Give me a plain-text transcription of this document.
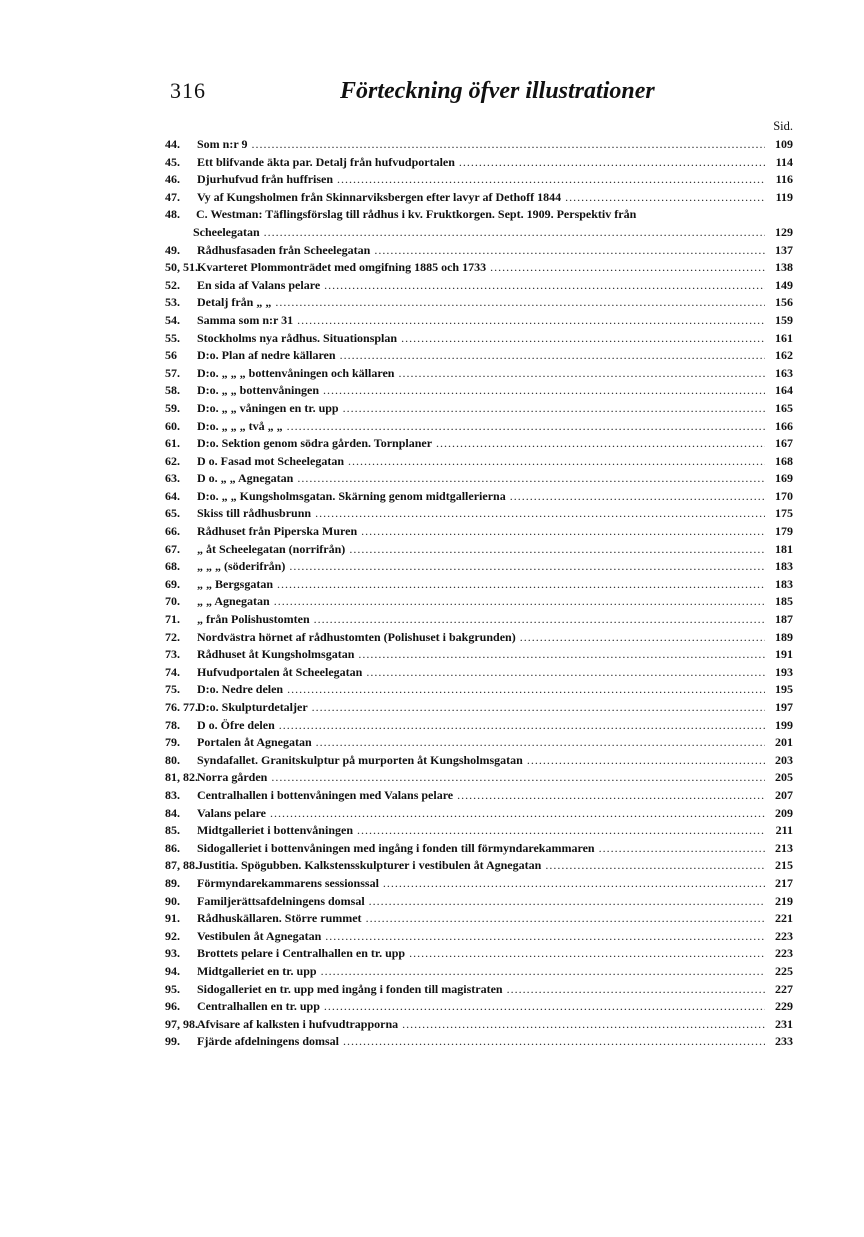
316	Förteckning öfver illustrationer
Sid.
44.	Som n:r 9 .....	109
45.	Ett blifvande äkta par. Detalj från hufvudportalen .....	114
46.	Djurhufvud från huffrisen .....	116
47.	Vy af Kungsholmen från Skinnarviksbergen efter lavyr af Dethoff 1844 .....	119
48. C. Westman: Täflingsförslag till rådhus i kv. Fruktkorgen. Sept. 1909. Perspektiv från
Scheelegatan .....	129
49.	Rådhusfasaden från Scheelegatan .....	137
50, 51. Kvarteret Plommonträdet med omgifning 1885 och 1733 .....	138
52.	En sida af Valans pelare .....	149
53.	Detalj från „ „ .....	156
54.	Samma som n:r 31 .....	159
55.	Stockholms nya rådhus. Situationsplan .....	161
56	D:o. Plan af nedre källaren .....	162
57.	D:o. „ „ „ bottenvåningen och källaren .....	163
58.	D:o. „ „ bottenvåningen .....	164
59.	D:o. „ „ våningen en tr. upp .....	165
60.	D:o. „ „ „ två „ „ .....	166
61.	D:o. Sektion genom södra gården. Tornplaner .....	167
62.	D o. Fasad mot Scheelegatan .....	168
63.	D o. „ „ Agnegatan .....	169
64.	D:o. „ „ Kungsholmsgatan. Skärning genom midtgallerierna .....	170
65.	Skiss till rådhusbrunn .....	175
66.	Rådhuset från Piperska Muren .....	179
67.	„ åt Scheelegatan (norrifrån) .....	181
68.	„ „ „ (söderifrån) .....	183
69.	„ „ Bergsgatan .....	183
70.	„ „ Agnegatan .....	185
71.	„ från Polishustomten .....	187
72.	Nordvästra hörnet af rådhustomten (Polishuset i bakgrunden) .....	189
73.	Rådhuset åt Kungsholmsgatan .....	191
74.	Hufvudportalen åt Scheelegatan .....	193
75.	D:o. Nedre delen .....	195
76. 77. D:o. Skulpturdetaljer .....	197
78.	D o. Öfre delen .....	199
79.	Portalen åt Agnegatan .....	201
80.	Syndafallet. Granitskulptur på murporten åt Kungsholmsgatan .....	203
81, 82. Norra gården .....	205
83.	Centralhallen i bottenvåningen med Valans pelare .....	207
84.	Valans pelare .....	209
85.	Midtgalleriet i bottenvåningen .....	211
86.	Sidogalleriet i bottenvåningen med ingång i fonden till förmyndarekammaren .....	213
87, 88. Justitia. Spögubben. Kalkstensskulpturer i vestibulen åt Agnegatan .....	215
89.	Förmyndarekammarens sessionssal .....	217
90.	Familjerättsafdelningens domsal .....	219
91.	Rådhuskällaren. Större rummet .....	221
92.	Vestibulen åt Agnegatan .....	223
93.	Brottets pelare i Centralhallen en tr. upp .....	223
94.	Midtgalleriet en tr. upp .....	225
95.	Sidogalleriet en tr. upp med ingång i fonden till magistraten .....	227
96.	Centralhallen en tr. upp .....	229
97, 98. Afvisare af kalksten i hufvudtrapporna .....	231
99.	Fjärde afdelningens domsal .....	233
